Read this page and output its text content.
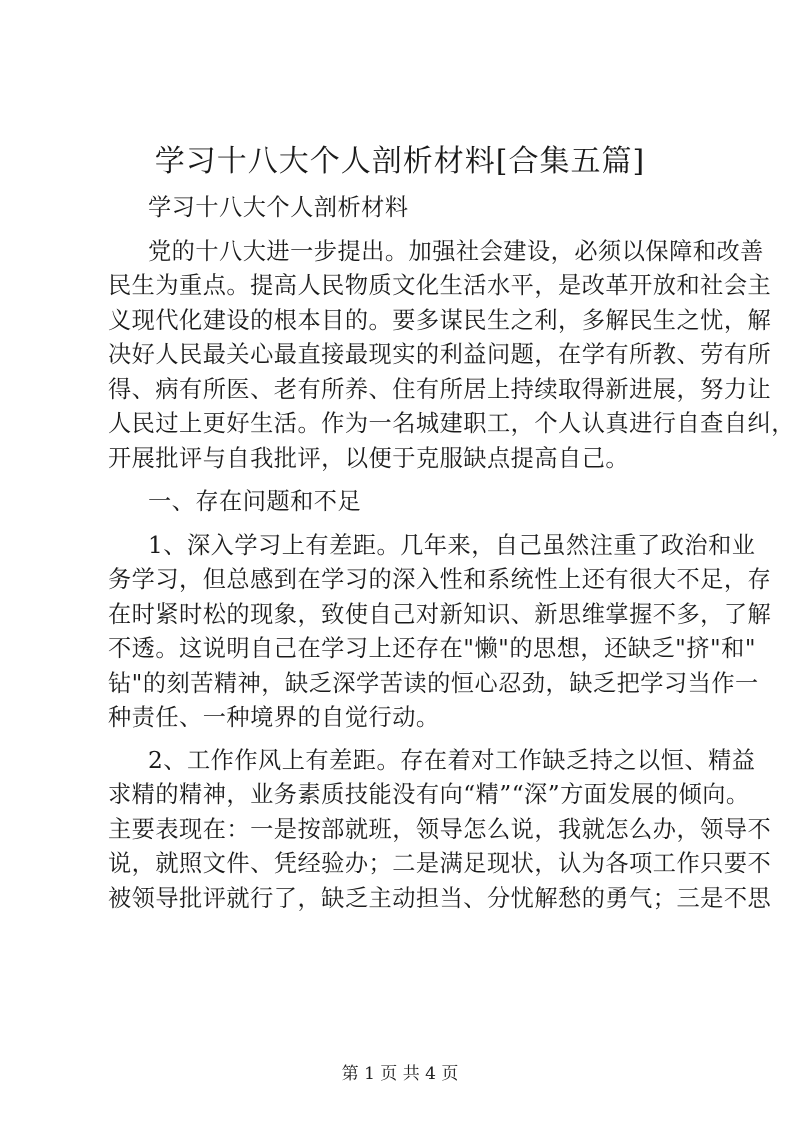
学习十八大个人剖析材料[合集五篇]
学习十八大个人剖析材料
党的十八大进一步提出。加强社会建设，必须以保障和改善
民生为重点。提高人民物质文化生活水平，是改革开放和社会主
义现代化建设的根本目的。要多谋民生之利，多解民生之忧，解
决好人民最关心最直接最现实的利益问题，在学有所教、劳有所
得、病有所医、老有所养、住有所居上持续取得新进展，努力让
人民过上更好生活。作为一名城建职工，个人认真进行自查自纠，
开展批评与自我批评，以便于克服缺点提高自己。
一、存在问题和不足
1、深入学习上有差距。几年来，自己虽然注重了政治和业
务学习，但总感到在学习的深入性和系统性上还有很大不足，存
在时紧时松的现象，致使自己对新知识、新思维掌握不多，了解
不透。这说明自己在学习上还存在"懒"的思想，还缺乏"挤"和"
钻"的刻苦精神，缺乏深学苦读的恒心忍劲，缺乏把学习当作一
种责任、一种境界的自觉行动。
2、工作作风上有差距。存在着对工作缺乏持之以恒、精益
求精的精神，业务素质技能没有向“精”“深”方面发展的倾向。
主要表现在：一是按部就班，领导怎么说，我就怎么办，领导不
说，就照文件、凭经验办；二是满足现状，认为各项工作只要不
被领导批评就行了，缺乏主动担当、分忧解愁的勇气；三是不思
第 1 页 共 4 页
